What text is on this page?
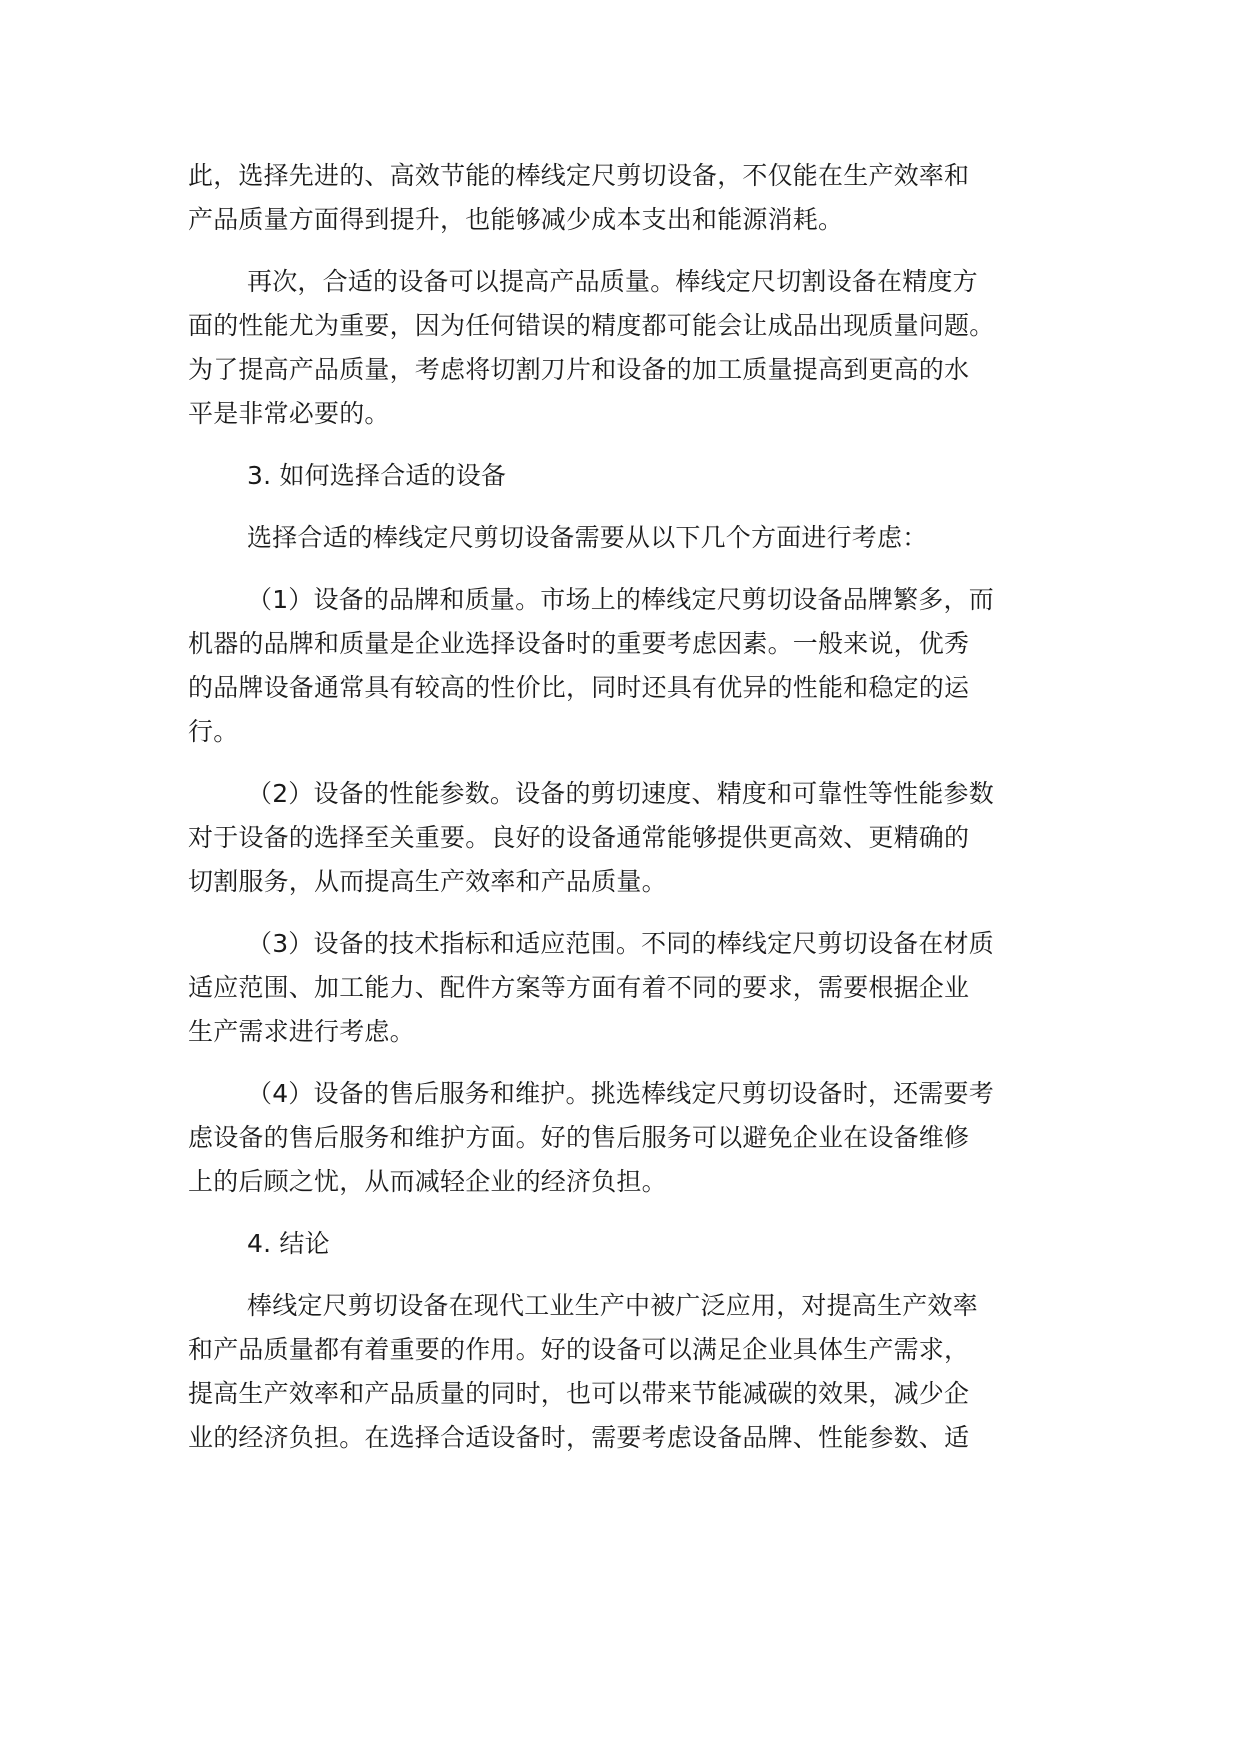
此，选择先进的、高效节能的棒线定尺剪切设备，不仅能在生产效率和
产品质量方面得到提升，也能够减少成本支出和能源消耗。
再次，合适的设备可以提高产品质量。棒线定尺切割设备在精度方
面的性能尤为重要，因为任何错误的精度都可能会让成品出现质量问题。
为了提高产品质量，考虑将切割刀片和设备的加工质量提高到更高的水
平是非常必要的。
3. 如何选择合适的设备
选择合适的棒线定尺剪切设备需要从以下几个方面进行考虑：
（1）设备的品牌和质量。市场上的棒线定尺剪切设备品牌繁多，而
机器的品牌和质量是企业选择设备时的重要考虑因素。一般来说，优秀
的品牌设备通常具有较高的性价比，同时还具有优异的性能和稳定的运
行。
（2）设备的性能参数。设备的剪切速度、精度和可靠性等性能参数
对于设备的选择至关重要。良好的设备通常能够提供更高效、更精确的
切割服务，从而提高生产效率和产品质量。
（3）设备的技术指标和适应范围。不同的棒线定尺剪切设备在材质
适应范围、加工能力、配件方案等方面有着不同的要求，需要根据企业
生产需求进行考虑。
（4）设备的售后服务和维护。挑选棒线定尺剪切设备时，还需要考
虑设备的售后服务和维护方面。好的售后服务可以避免企业在设备维修
上的后顾之忧，从而减轻企业的经济负担。
4. 结论
棒线定尺剪切设备在现代工业生产中被广泛应用，对提高生产效率
和产品质量都有着重要的作用。好的设备可以满足企业具体生产需求，
提高生产效率和产品质量的同时，也可以带来节能减碳的效果，减少企
业的经济负担。在选择合适设备时，需要考虑设备品牌、性能参数、适
